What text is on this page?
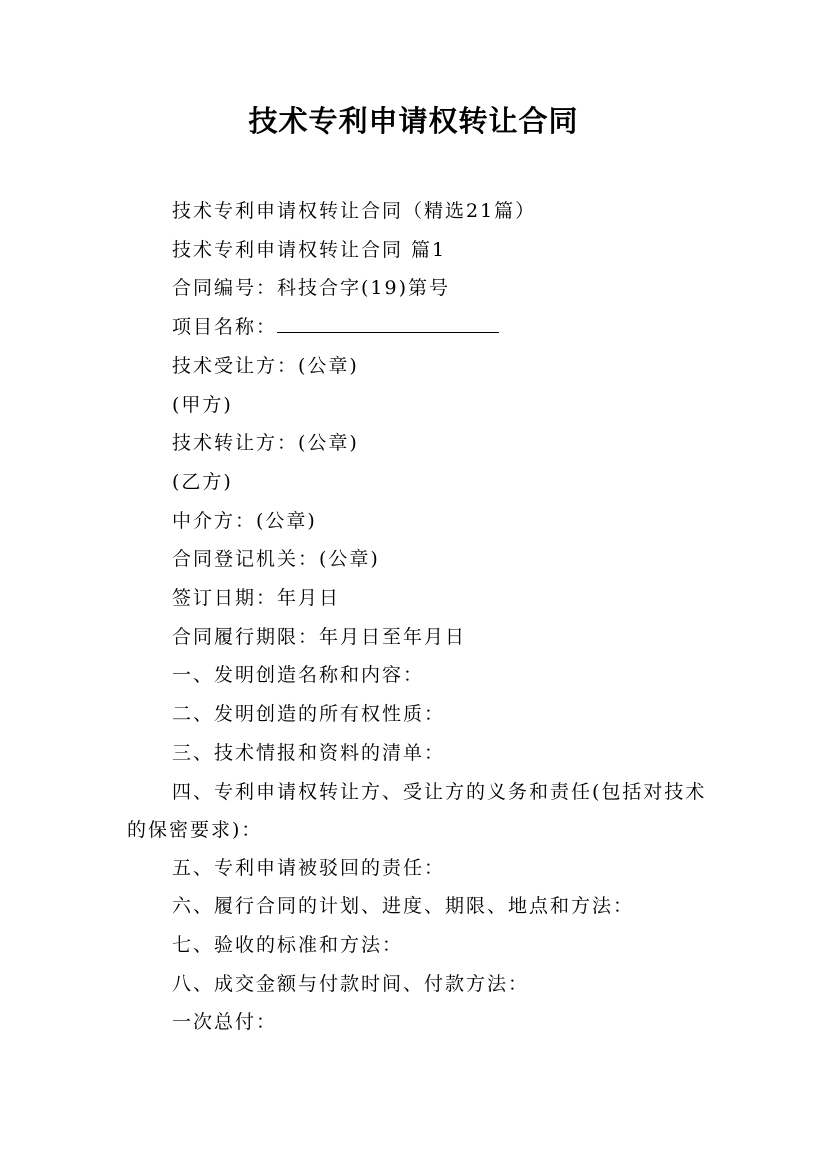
技术专利申请权转让合同

技术专利申请权转让合同（精选21篇）

技术专利申请权转让合同 篇1

合同编号：科技合字(19)第号

项目名称：

技术受让方：(公章)

(甲方)

技术转让方：(公章)

(乙方)

中介方：(公章)

合同登记机关：(公章)

签订日期：年月日

合同履行期限：年月日至年月日

一、发明创造名称和内容：

二、发明创造的所有权性质：

三、技术情报和资料的清单：

四、专利申请权转让方、受让方的义务和责任(包括对技术的保密要求)：

五、专利申请被驳回的责任：

六、履行合同的计划、进度、期限、地点和方法：

七、验收的标准和方法：

八、成交金额与付款时间、付款方法：

一次总付：
